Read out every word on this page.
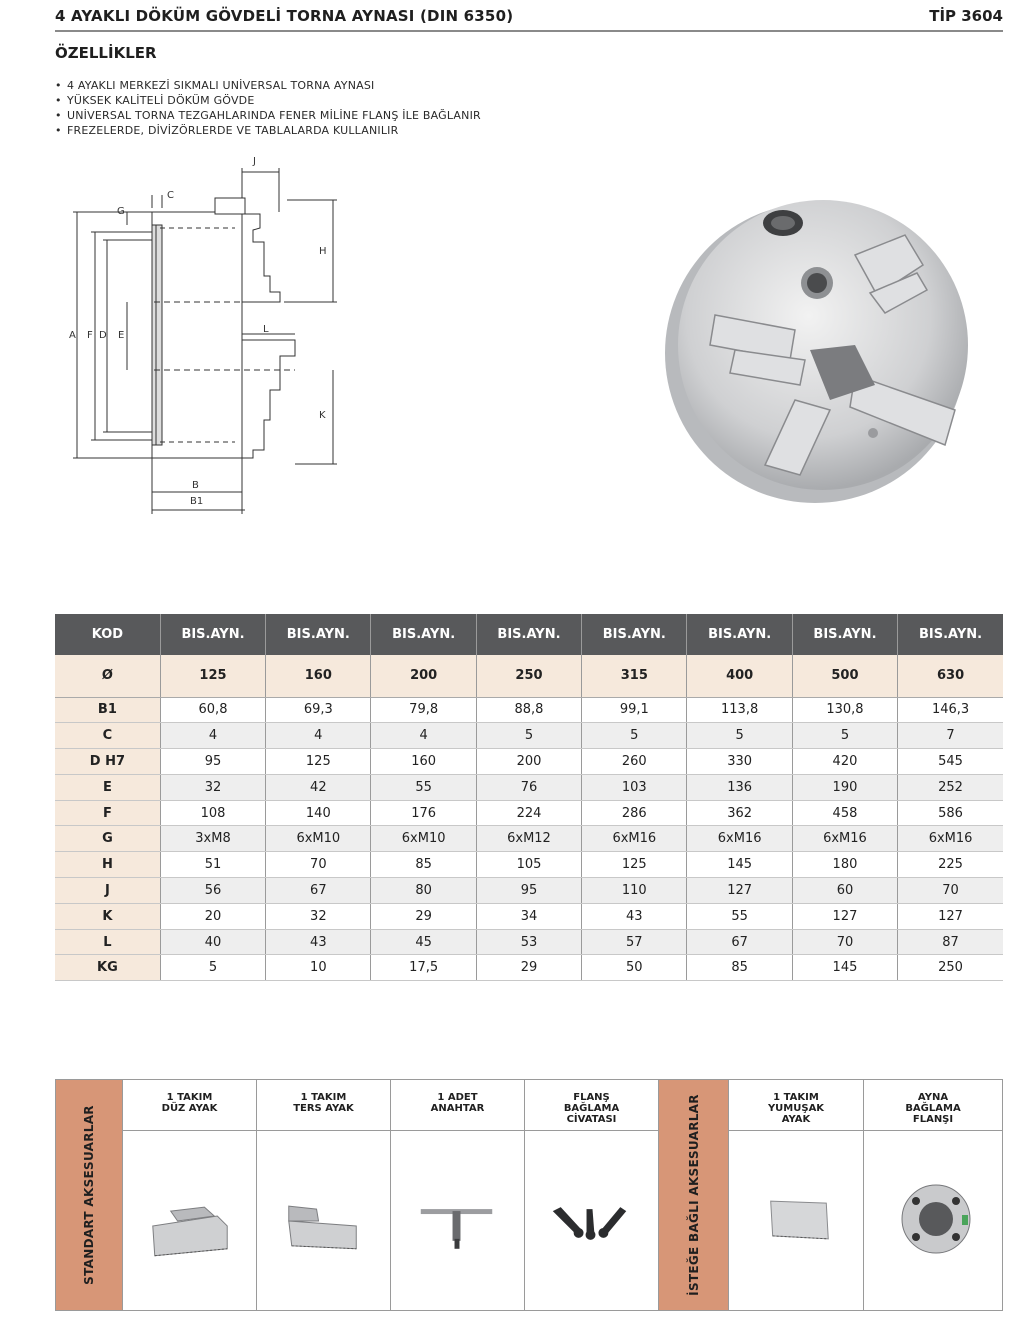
4 AYAKLI DÖKÜM GÖVDELİ TORNA AYNASI (DIN 6350)	TİP 3604
ÖZELLİKLER
• 4 AYAKLI MERKEZİ SIKMALI UNİVERSAL TORNA AYNASI
• YÜKSEK KALİTELİ DÖKÜM GÖVDE
• UNİVERSAL TORNA TEZGAHLARINDA FENER MİLİNE FLANŞ İLE BAĞLANIR
• FREZELERDE, DİVİZÖRLERDE VE TABLALARDA KULLANILIR
A F D E
G
C
J
H
L
K
B
B1
KOD	BIS.AYN.	BIS.AYN.	BIS.AYN.	BIS.AYN.	BIS.AYN.	BIS.AYN.	BIS.AYN.	BIS.AYN.
Ø	125	160	200	250	315	400	500	630
B1	60,8	69,3	79,8	88,8	99,1	113,8	130,8	146,3
C	4	4	4	5	5	5	5	7
D H7	95	125	160	200	260	330	420	545
E	32	42	55	76	103	136	190	252
F	108	140	176	224	286	362	458	586
G	3xM8	6xM10	6xM10	6xM12	6xM16	6xM16	6xM16	6xM16
H	51	70	85	105	125	145	180	225
J	56	67	80	95	110	127	60	70
K	20	32	29	34	43	55	127	127
L	40	43	45	53	57	67	70	87
KG	5	10	17,5	29	50	85	145	250
STANDART AKSESUARLAR
1 TAKIM
DÜZ AYAK
1 TAKIM
TERS AYAK
1 ADET
ANAHTAR
FLANŞ
BAĞLAMA
CİVATASI	İSTEĞE BAĞLI AKSESUARLAR	1 TAKIM
YUMUŞAK
AYAK
AYNA
BAĞLAMA
FLANŞI
